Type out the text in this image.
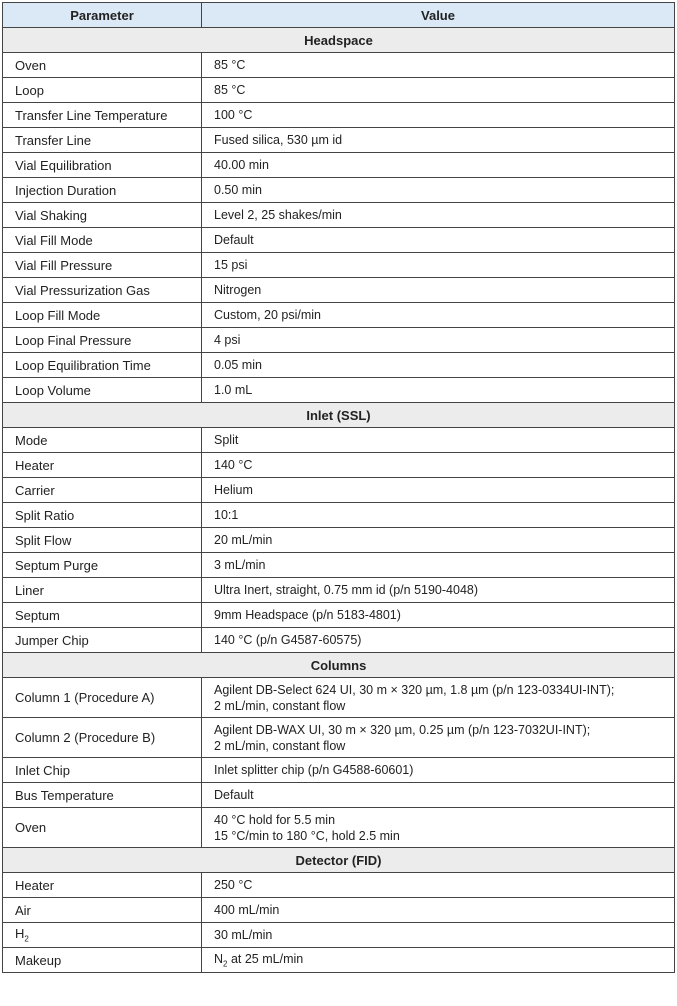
Parameter	Value
Headspace	
Oven	85 °C

Loop	85 °C

Transfer Line Temperature	100 °C

Transfer Line	Fused silica, 530 µm id

Vial Equilibration	40.00 min

Injection Duration	0.50 min

Vial Shaking	Level 2, 25 shakes/min

Vial Fill Mode	Default

Vial Fill Pressure	15 psi

Vial Pressurization Gas	Nitrogen

Loop Fill Mode	Custom, 20 psi/min

Loop Final Pressure	4 psi

Loop Equilibration Time	0.05 min

Loop Volume	1.0 mL

Inlet (SSL)	
Mode	Split

Heater	140 °C

Carrier	Helium

Split Ratio	10:1

Split Flow	20 mL/min

Septum Purge	3 mL/min

Liner	Ultra Inert, straight, 0.75 mm id (p/n 5190-4048)

Septum	9mm Headspace (p/n 5183-4801)

Jumper Chip	140 °C (p/n G4587-60575)

Columns	
Column 1 (Procedure A)	Agilent DB-Select 624 UI, 30 m × 320 µm, 1.8 µm (p/n 123-0334UI-INT);
2 mL/min, constant flow

Column 2 (Procedure B)	Agilent DB-WAX UI, 30 m × 320 µm, 0.25 µm (p/n 123-7032UI-INT);
2 mL/min, constant flow

Inlet Chip	Inlet splitter chip (p/n G4588-60601)

Bus Temperature	Default

Oven	40 °C hold for 5.5 min
15 °C/min to 180 °C, hold 2.5 min

Detector (FID)	
Heater	250 °C

Air	400 mL/min

$H_2$	30 mL/min

Makeup	$N_2$ at 25 mL/min
